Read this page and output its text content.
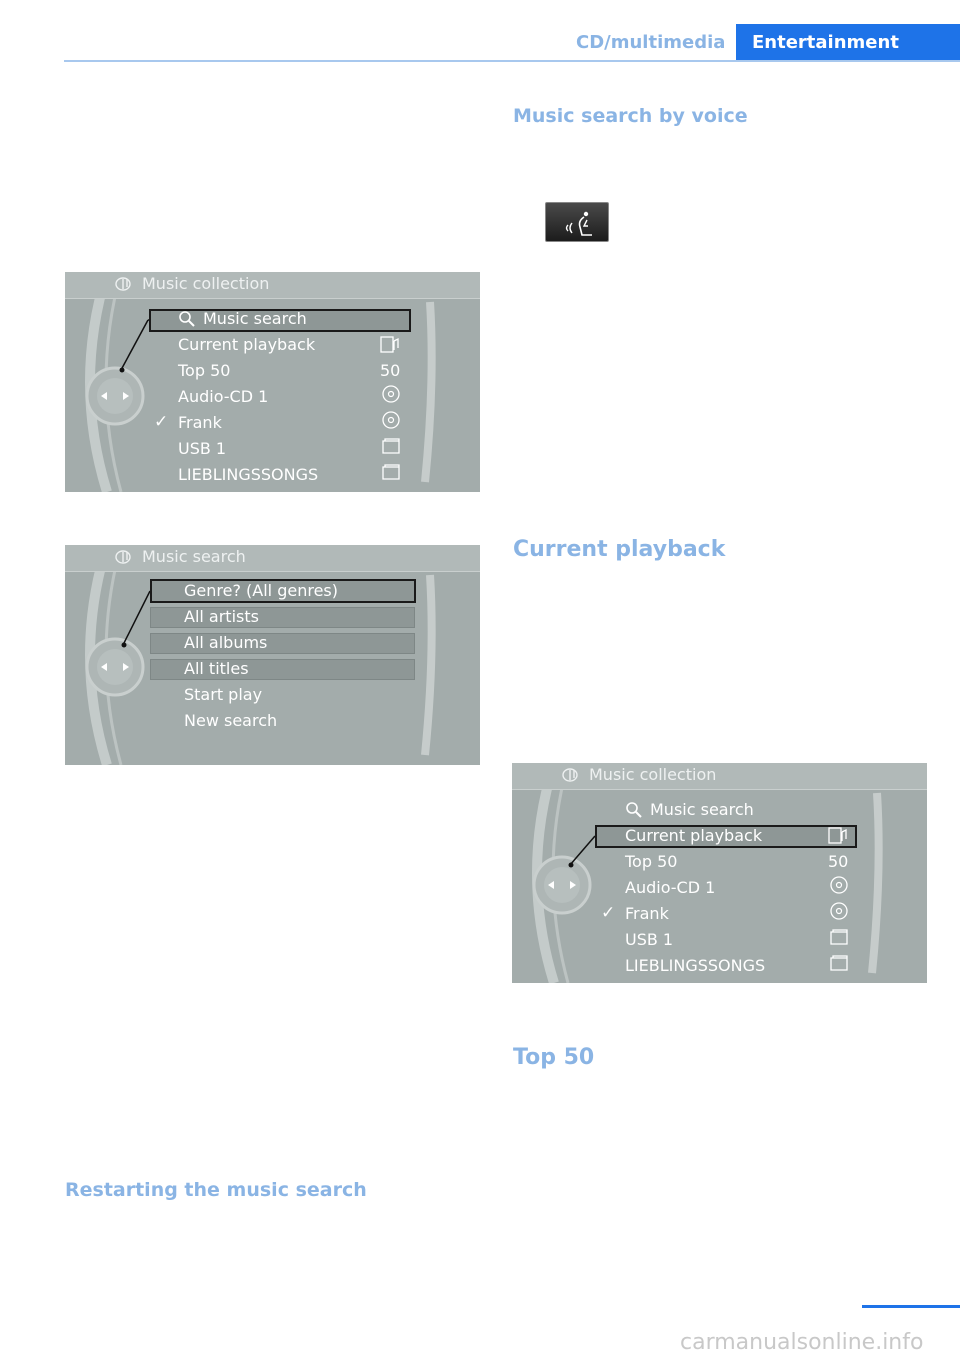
CD/multimedia Entertainment
Music search by voice
Current playback
Top 50
Restarting the music search
Music collection
Music search
Current playback
Top 50
Audio-CD 1
✓ Frank
USB 1
LIEBLINGSSONGS
50
Music search
Genre? (All genres)
All artists
All albums
All titles
Start play
New search
Music collection
Music search
Current playback
Top 50
Audio-CD 1
✓ Frank
USB 1
LIEBLINGSSONGS
50
carmanualsonline.info
